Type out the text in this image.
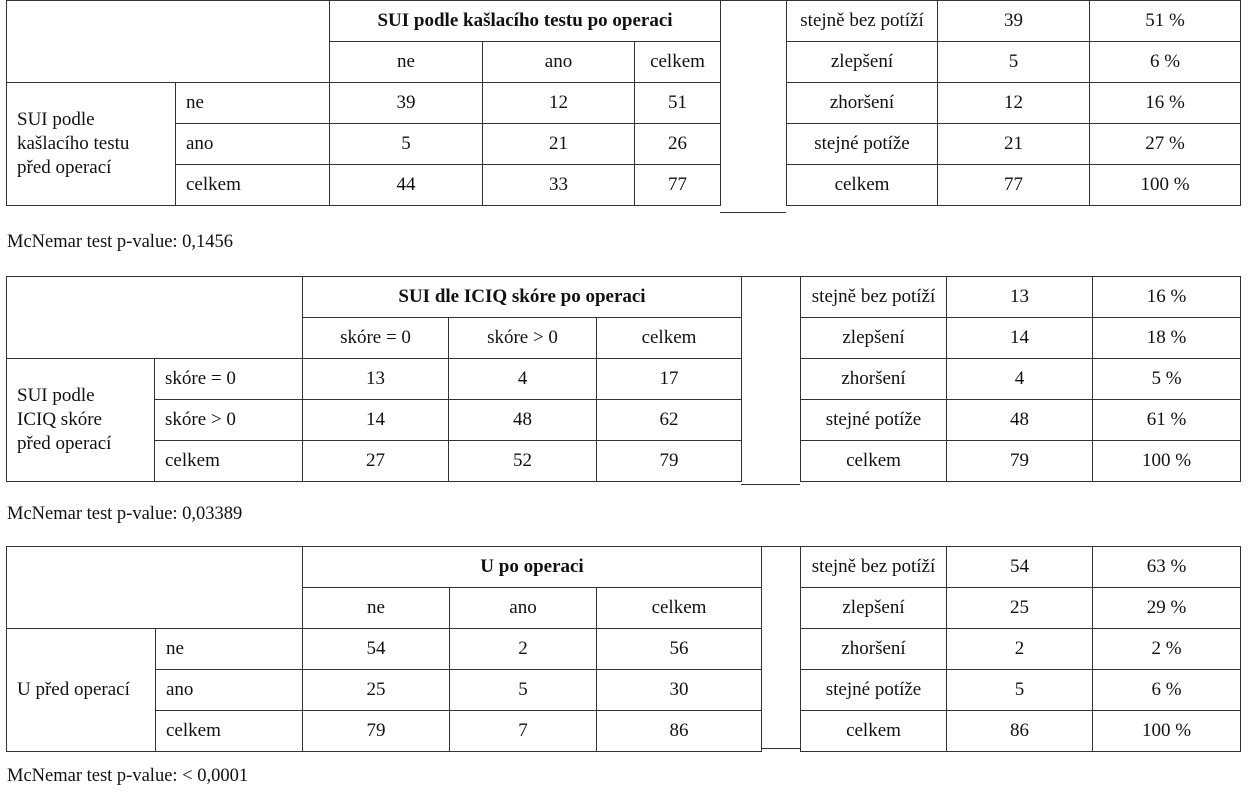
		SUI podle kašlacího testu po operaci		
		ne	ano	celkem
SUI podle
kašlacího testu
před operací	ne	39	12	51
	ano	5	21	26
	celkem	44	33	77
stejně bez potíží	39	51 %
zlepšení	5	6 %
zhoršení	12	16 %
stejné potíže	21	27 %
celkem	77	100 %
McNemar test p-value: 0,1456
		SUI dle ICIQ skóre po operaci		
		skóre = 0	skóre > 0	celkem
SUI podle
ICIQ skóre
před operací	skóre = 0	13	4	17
	skóre > 0	14	48	62
	celkem	27	52	79
stejně bez potíží	13	16 %
zlepšení	14	18 %
zhoršení	4	5 %
stejné potíže	48	61 %
celkem	79	100 %
McNemar test p-value: 0,03389
		U po operaci		
		ne	ano	celkem
U před operací	ne	54	2	56
	ano	25	5	30
	celkem	79	7	86
stejně bez potíží	54	63 %
zlepšení	25	29 %
zhoršení	2	2 %
stejné potíže	5	6 %
celkem	86	100 %
McNemar test p-value: < 0,0001
